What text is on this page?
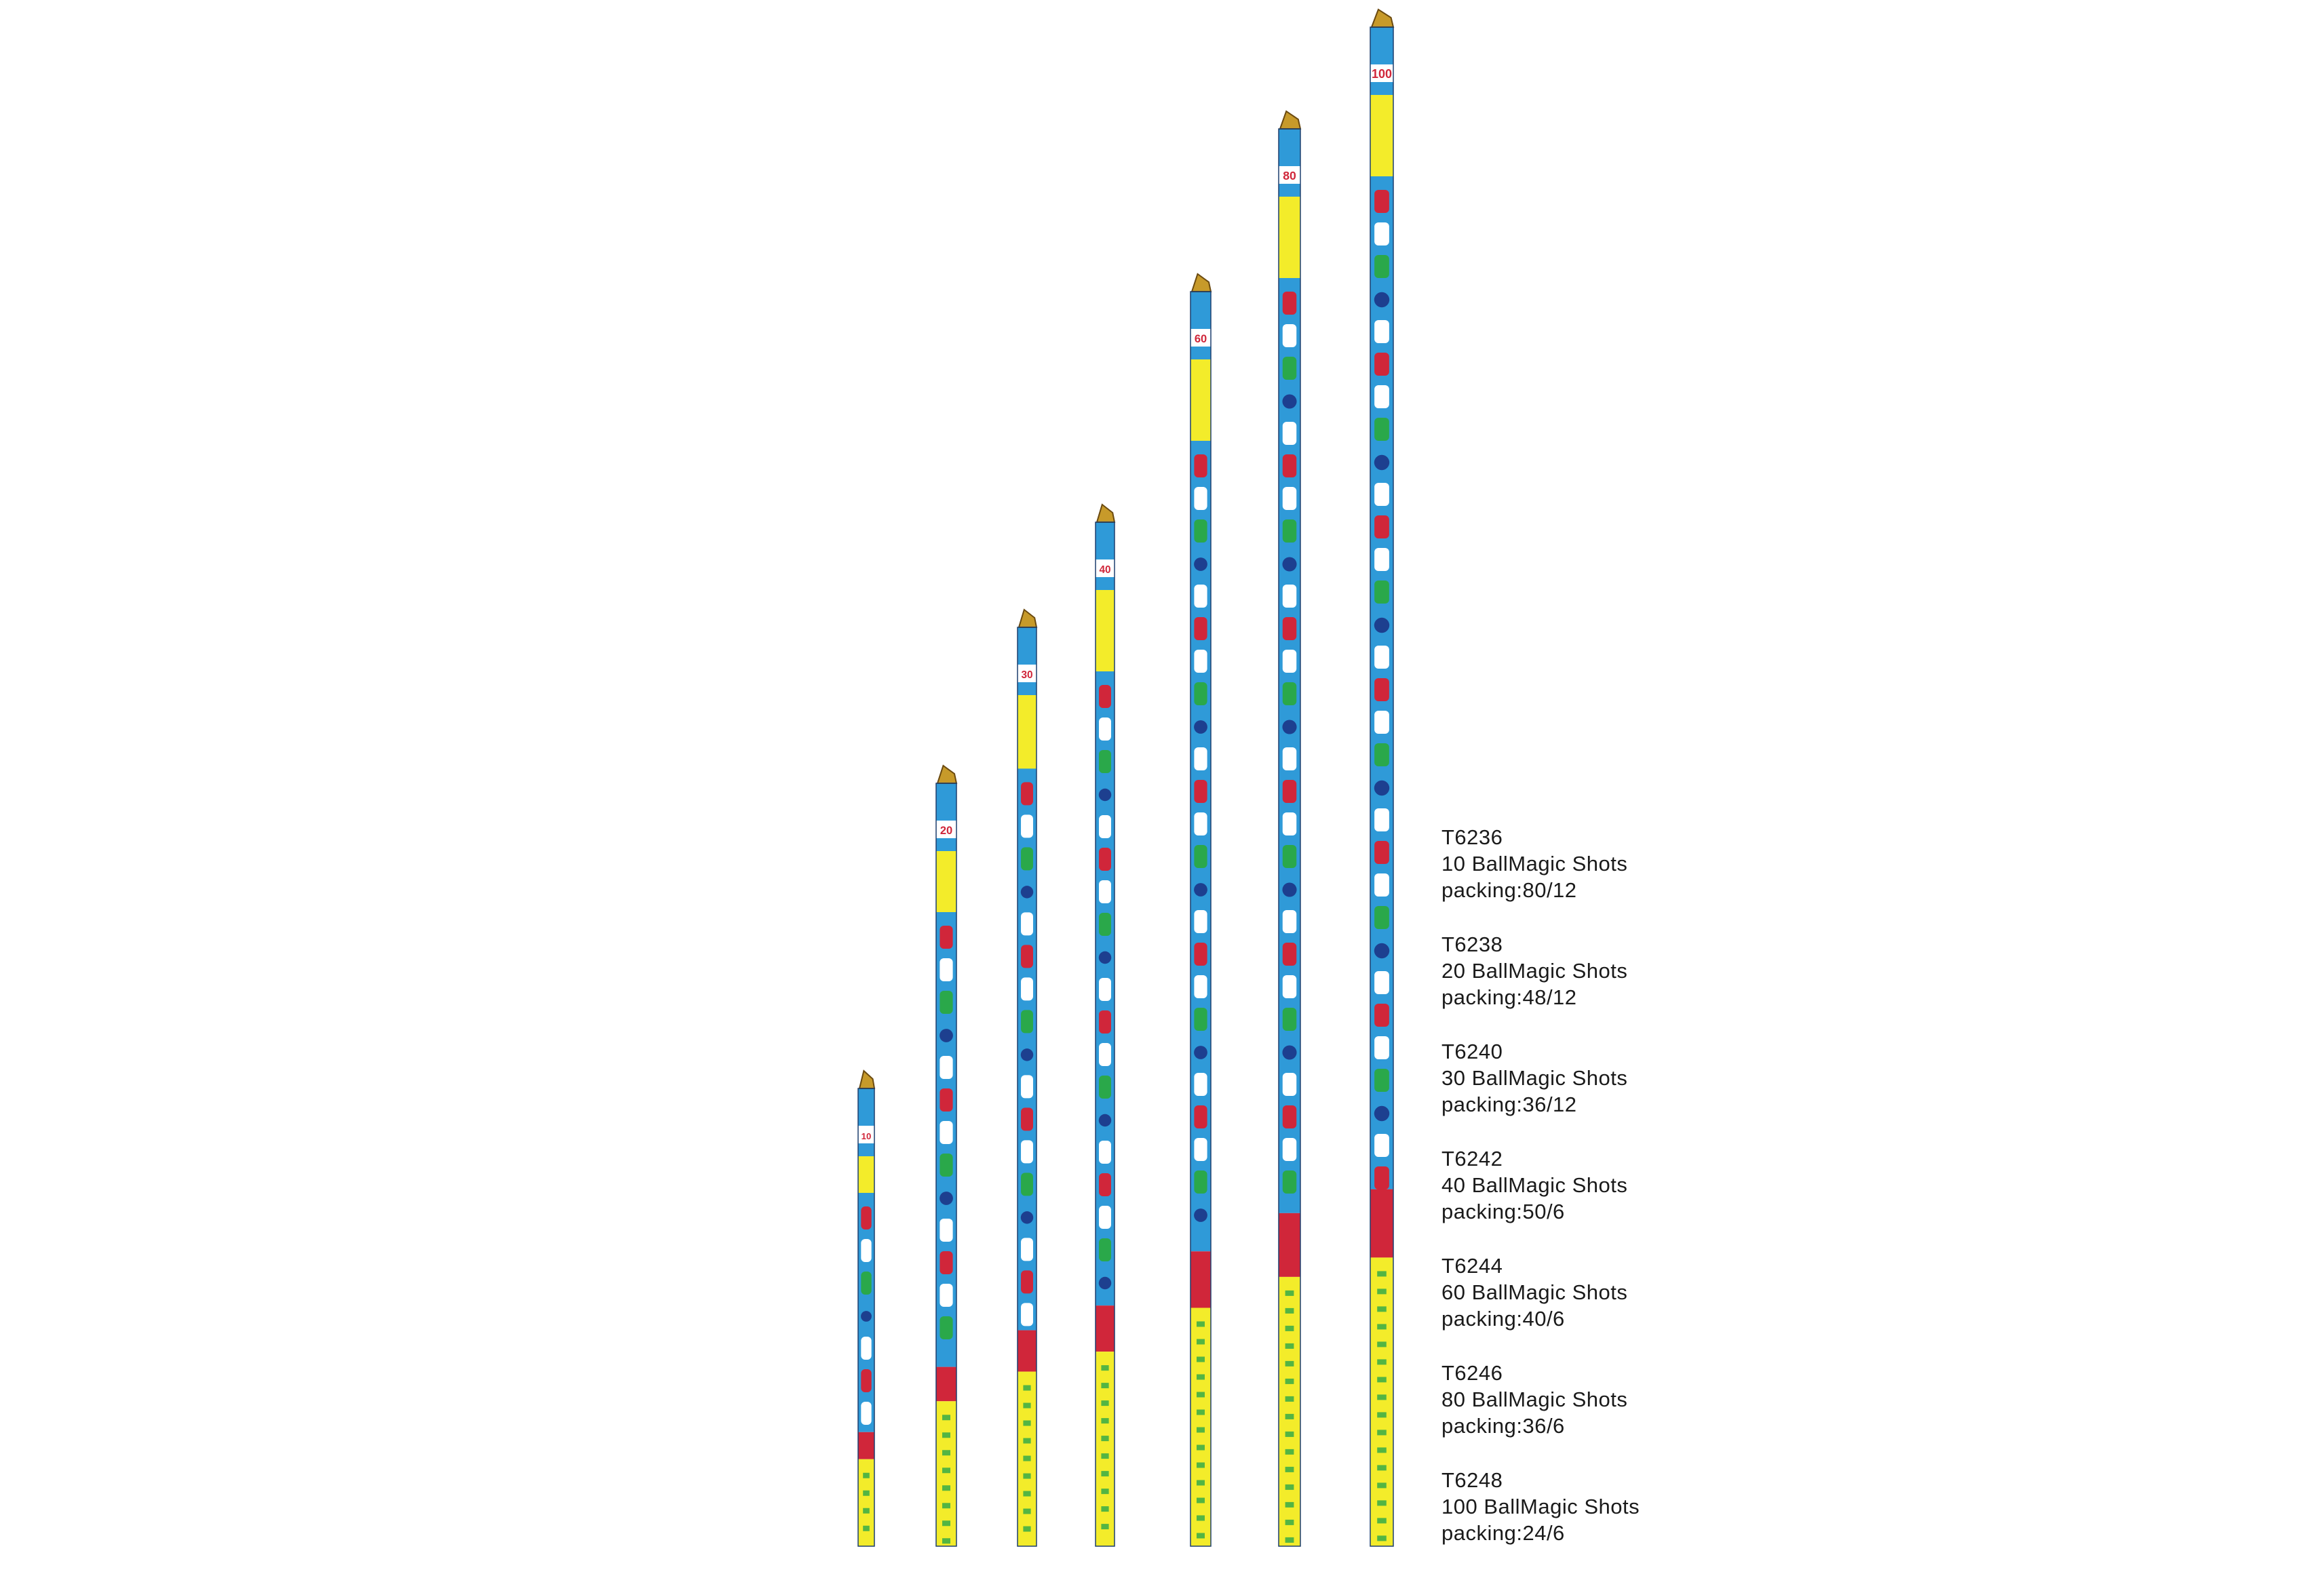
10
20
30
40
60
80
100
T6236
10 BallMagic Shots
packing:80/12
T6238
20 BallMagic Shots
packing:48/12
T6240
30 BallMagic Shots
packing:36/12
T6242
40 BallMagic Shots
packing:50/6
T6244
60 BallMagic Shots
packing:40/6
T6246
80 BallMagic Shots
packing:36/6
T6248
100 BallMagic Shots
packing:24/6
